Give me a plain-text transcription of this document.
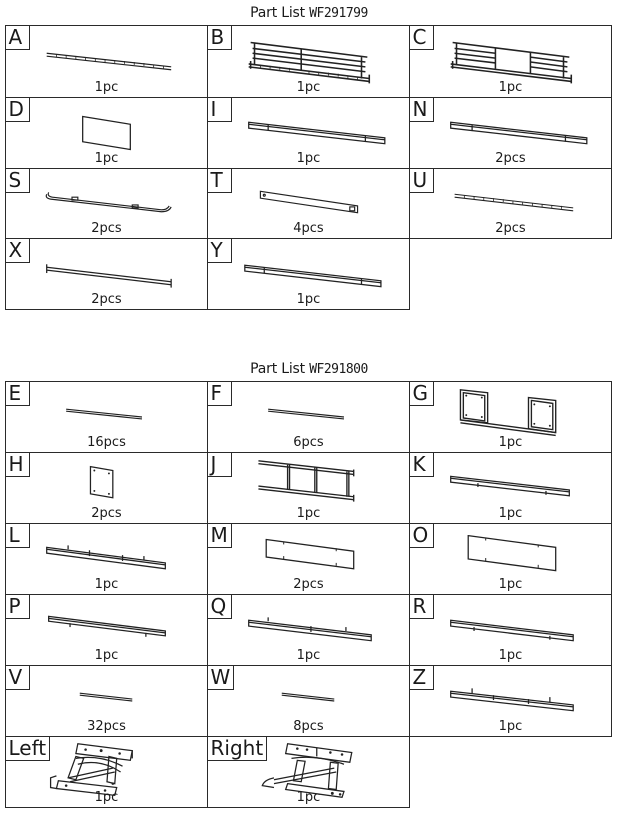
Part List WF291799
A
1pc
B
1pc
C
1pc
D
1pc
I
1pc
N
2pcs
S
2pcs
T
4pcs
U
2pcs
X
2pcs
Y
1pc
Part List WF291800
E
16pcs
F
6pcs
G
1pc
H
2pcs
J
1pc
K
1pc
L
1pc
M
2pcs
O
1pc
P
1pc
Q
1pc
R
1pc
V
32pcs
W
8pcs
Z
1pc
Left
1pc
Right
1pc
